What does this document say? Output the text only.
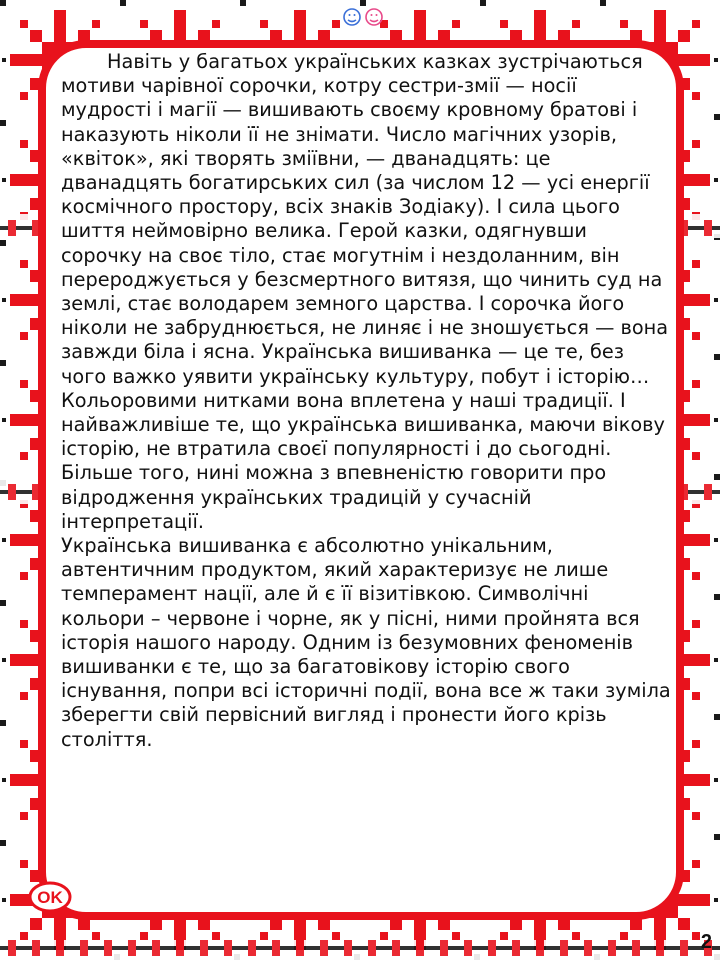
Навіть у багатьох українських казках зустрічаються мотиви чарівної сорочки, котру сестри-змії — носії мудрості і магії — вишивають своєму кровному братові і наказують ніколи її не знімати. Число магічних узорів, «квіток», які творять зміївни, — дванадцять: це дванадцять богатирських сил (за числом 12 — усі енергії космічного простору, всіх знаків Зодіаку). І сила цього шиття неймовірно велика. Герой казки, одягнувши сорочку на своє тіло, стає могутнім і нездоланним, він перероджується у безсмертного витязя, що чинить суд на землі, стає володарем земного царства. І сорочка його ніколи не забруднюється, не линяє і не зношується — вона завжди біла і ясна. Українська вишиванка — це те, без чого важко уявити українську культуру, побут і історію… Кольоровими нитками вона вплетена у наші традиції. І найважливіше те, що українська вишиванка, маючи вікову історію, не втратила своєї популярності і до сьогодні. Більше того, нині можна з впевненістю говорити про відродження українських традицій у сучасній інтерпретації.

Українська вишиванка є абсолютно унікальним, автентичним продуктом, який характеризує не лише темперамент нації, але й є її візитівкою. Символічні кольори – червоне і чорне, як у пісні, ними пройнята вся історія нашого народу. Одним із безумовних феноменів вишиванки є те, що за багатовікову історію свого існування, попри всі історичні події, вона все ж таки зуміла зберегти свій первісний вигляд і пронести його крізь століття.

OK
2
